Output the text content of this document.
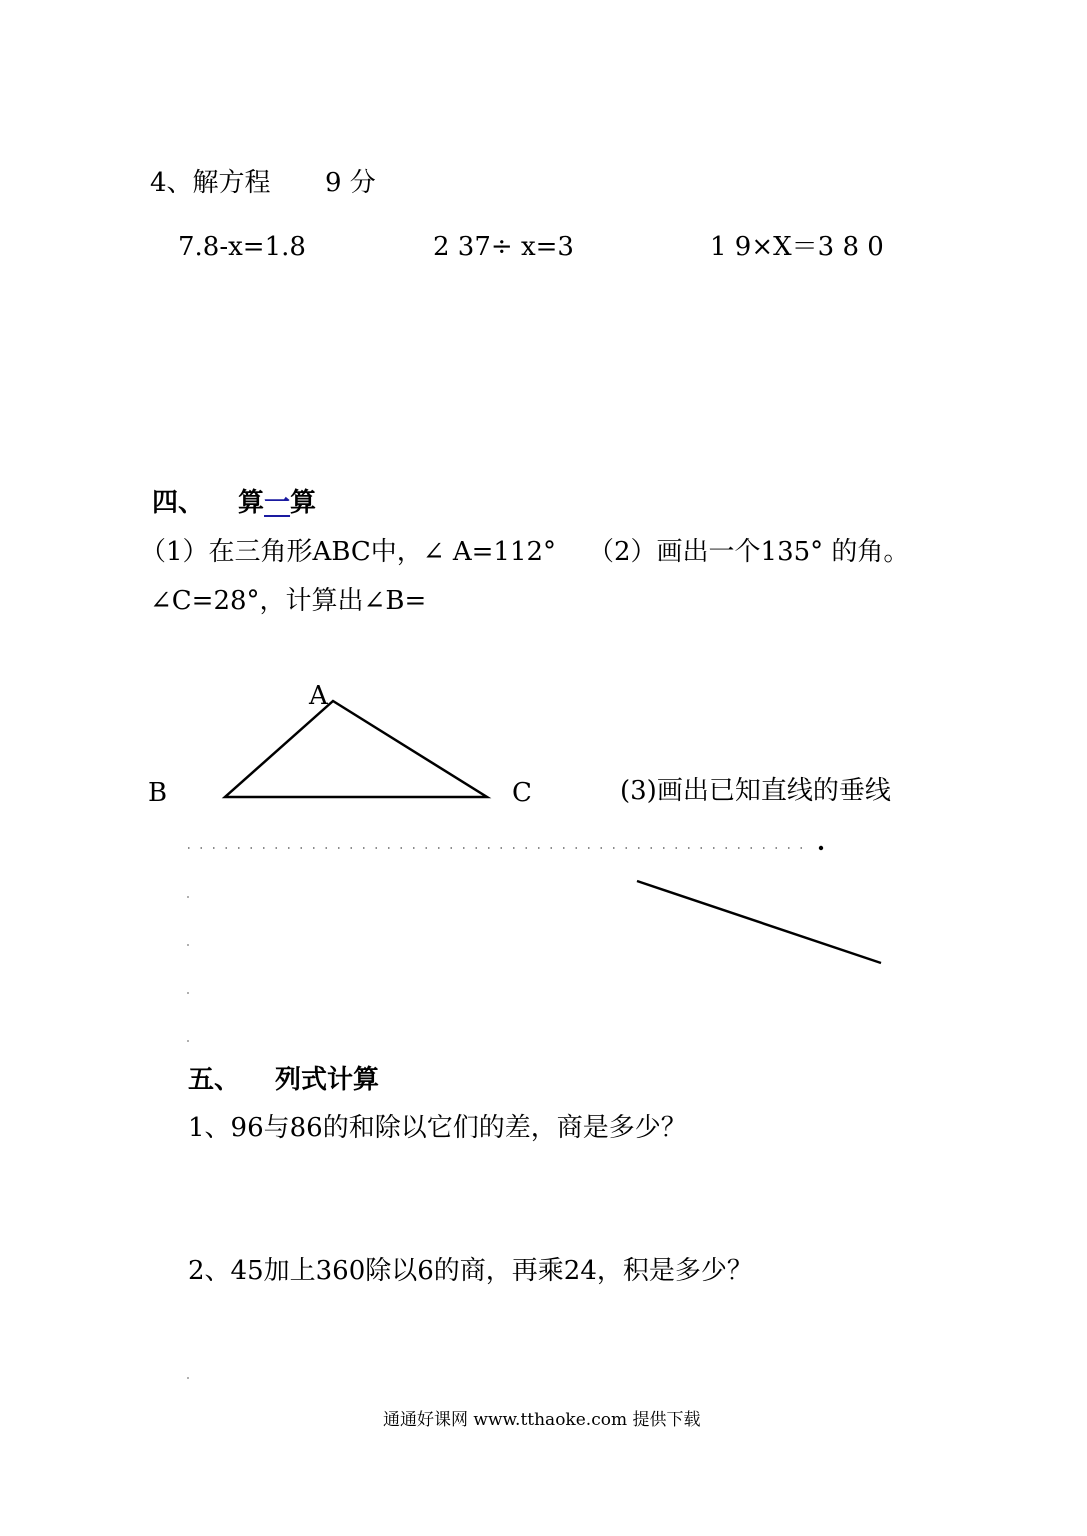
4、解方程 9 分
7.8-x=1.8	2 37÷ x=3	1 9×X＝3 8 0
四、 算一算
（1）在三角形ABC中，∠ A=112° （2）画出一个135° 的角。
∠C=28°，计算出∠B=
A
B	C	(3)画出已知直线的垂线
五、 列式计算
1、96与86的和除以它们的差，商是多少？
2、45加上360除以6的商，再乘24，积是多少？
通通好课网 www.tthaoke.com 提供下载
